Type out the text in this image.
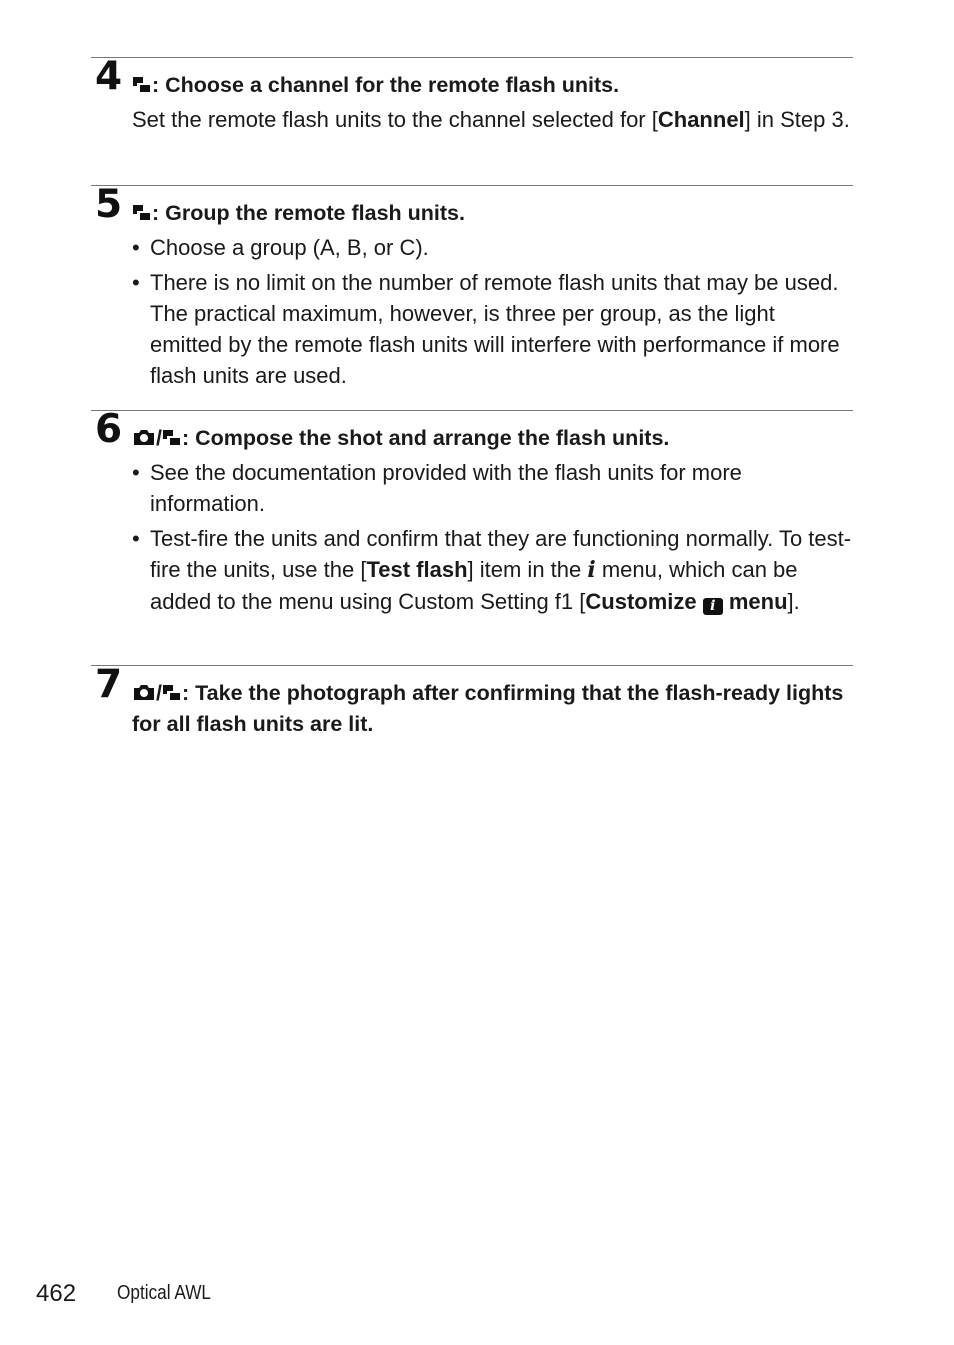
4	: Choose a channel for the remote flash units.
Set the remote flash units to the channel selected for [Channel] in Step 3.
5	: Group the remote flash units.
• Choose a group (A, B, or C).
• There is no limit on the number of remote flash units that may be used. The practical maximum, however, is three per group, as the light emitted by the remote flash units will interfere with performance if more flash units are used.
6	/ : Compose the shot and arrange the flash units.
• See the documentation provided with the flash units for more information.
• Test-fire the units and confirm that they are functioning normally. To test-fire the units, use the [Test flash] item in the i menu, which can be added to the menu using Custom Setting f1 [Customize i menu].
7	/ : Take the photograph after confirming that the flash-ready lights for all flash units are lit.
462 Optical AWL
